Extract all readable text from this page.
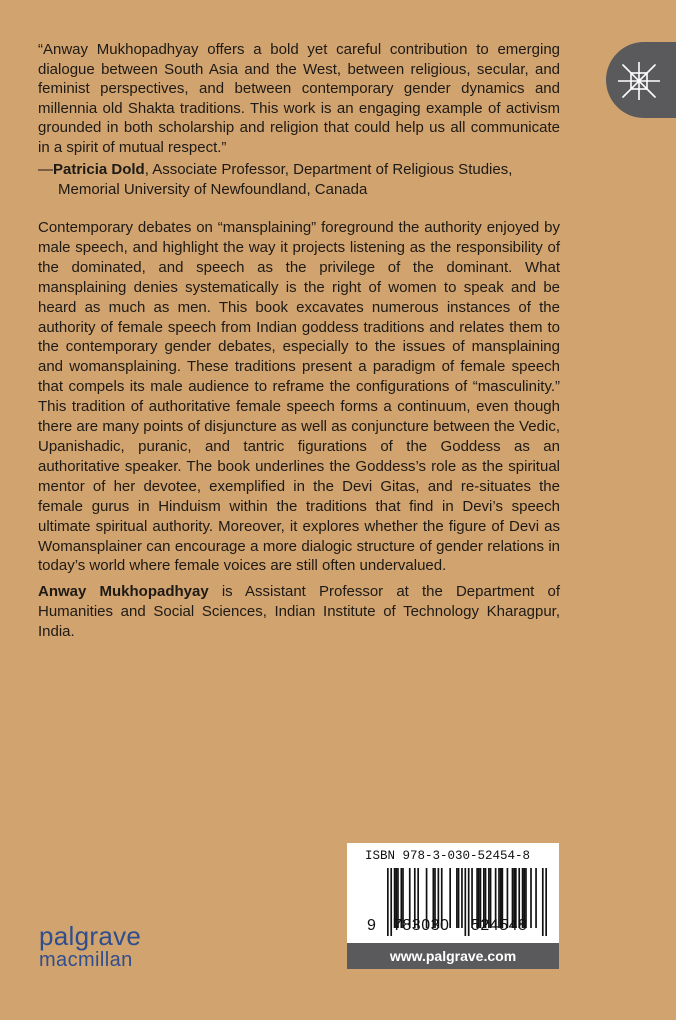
“Anway Mukhopadhyay offers a bold yet careful contribution to emerging dialogue between South Asia and the West, between religious, secular, and feminist perspectives, and between contemporary gender dynamics and millennia old Shakta traditions. This work is an engaging example of activism grounded in both scholarship and religion that could help us all communicate in a spirit of mutual respect.”

—Patricia Dold, Associate Professor, Department of Religious Studies,
Memorial University of Newfoundland, Canada

Contemporary debates on “mansplaining” foreground the authority enjoyed by male speech, and highlight the way it projects listening as the responsibility of the dominated, and speech as the privilege of the dominant. What mansplaining denies systematically is the right of women to speak and be heard as much as men. This book excavates numerous instances of the authority of female speech from Indian goddess traditions and relates them to the contemporary gender debates, especially to the issues of mansplaining and womansplaining. These traditions present a paradigm of female speech that compels its male audience to reframe the configurations of “masculinity.” This tradition of authoritative female speech forms a continuum, even though there are many points of disjuncture as well as conjuncture between the Vedic, Upanishadic, puranic, and tantric figurations of the Goddess as an authoritative speaker. The book underlines the Goddess’s role as the spiritual mentor of her devotee, exemplified in the Devi Gitas, and re-situates the female gurus in Hinduism within the traditions that find in Devi’s speech ultimate spiritual authority. Moreover, it explores whether the figure of Devi as Womansplainer can encourage a more dialogic structure of gender relations in today’s world where female voices are still often undervalued.

Anway Mukhopadhyay is Assistant Professor at the Department of Humanities and Social Sciences, Indian Institute of Technology Kharagpur, India.

palgrave
macmillan
ISBN 978-3-030-52454-8
9 783030 524548
www.palgrave.com
